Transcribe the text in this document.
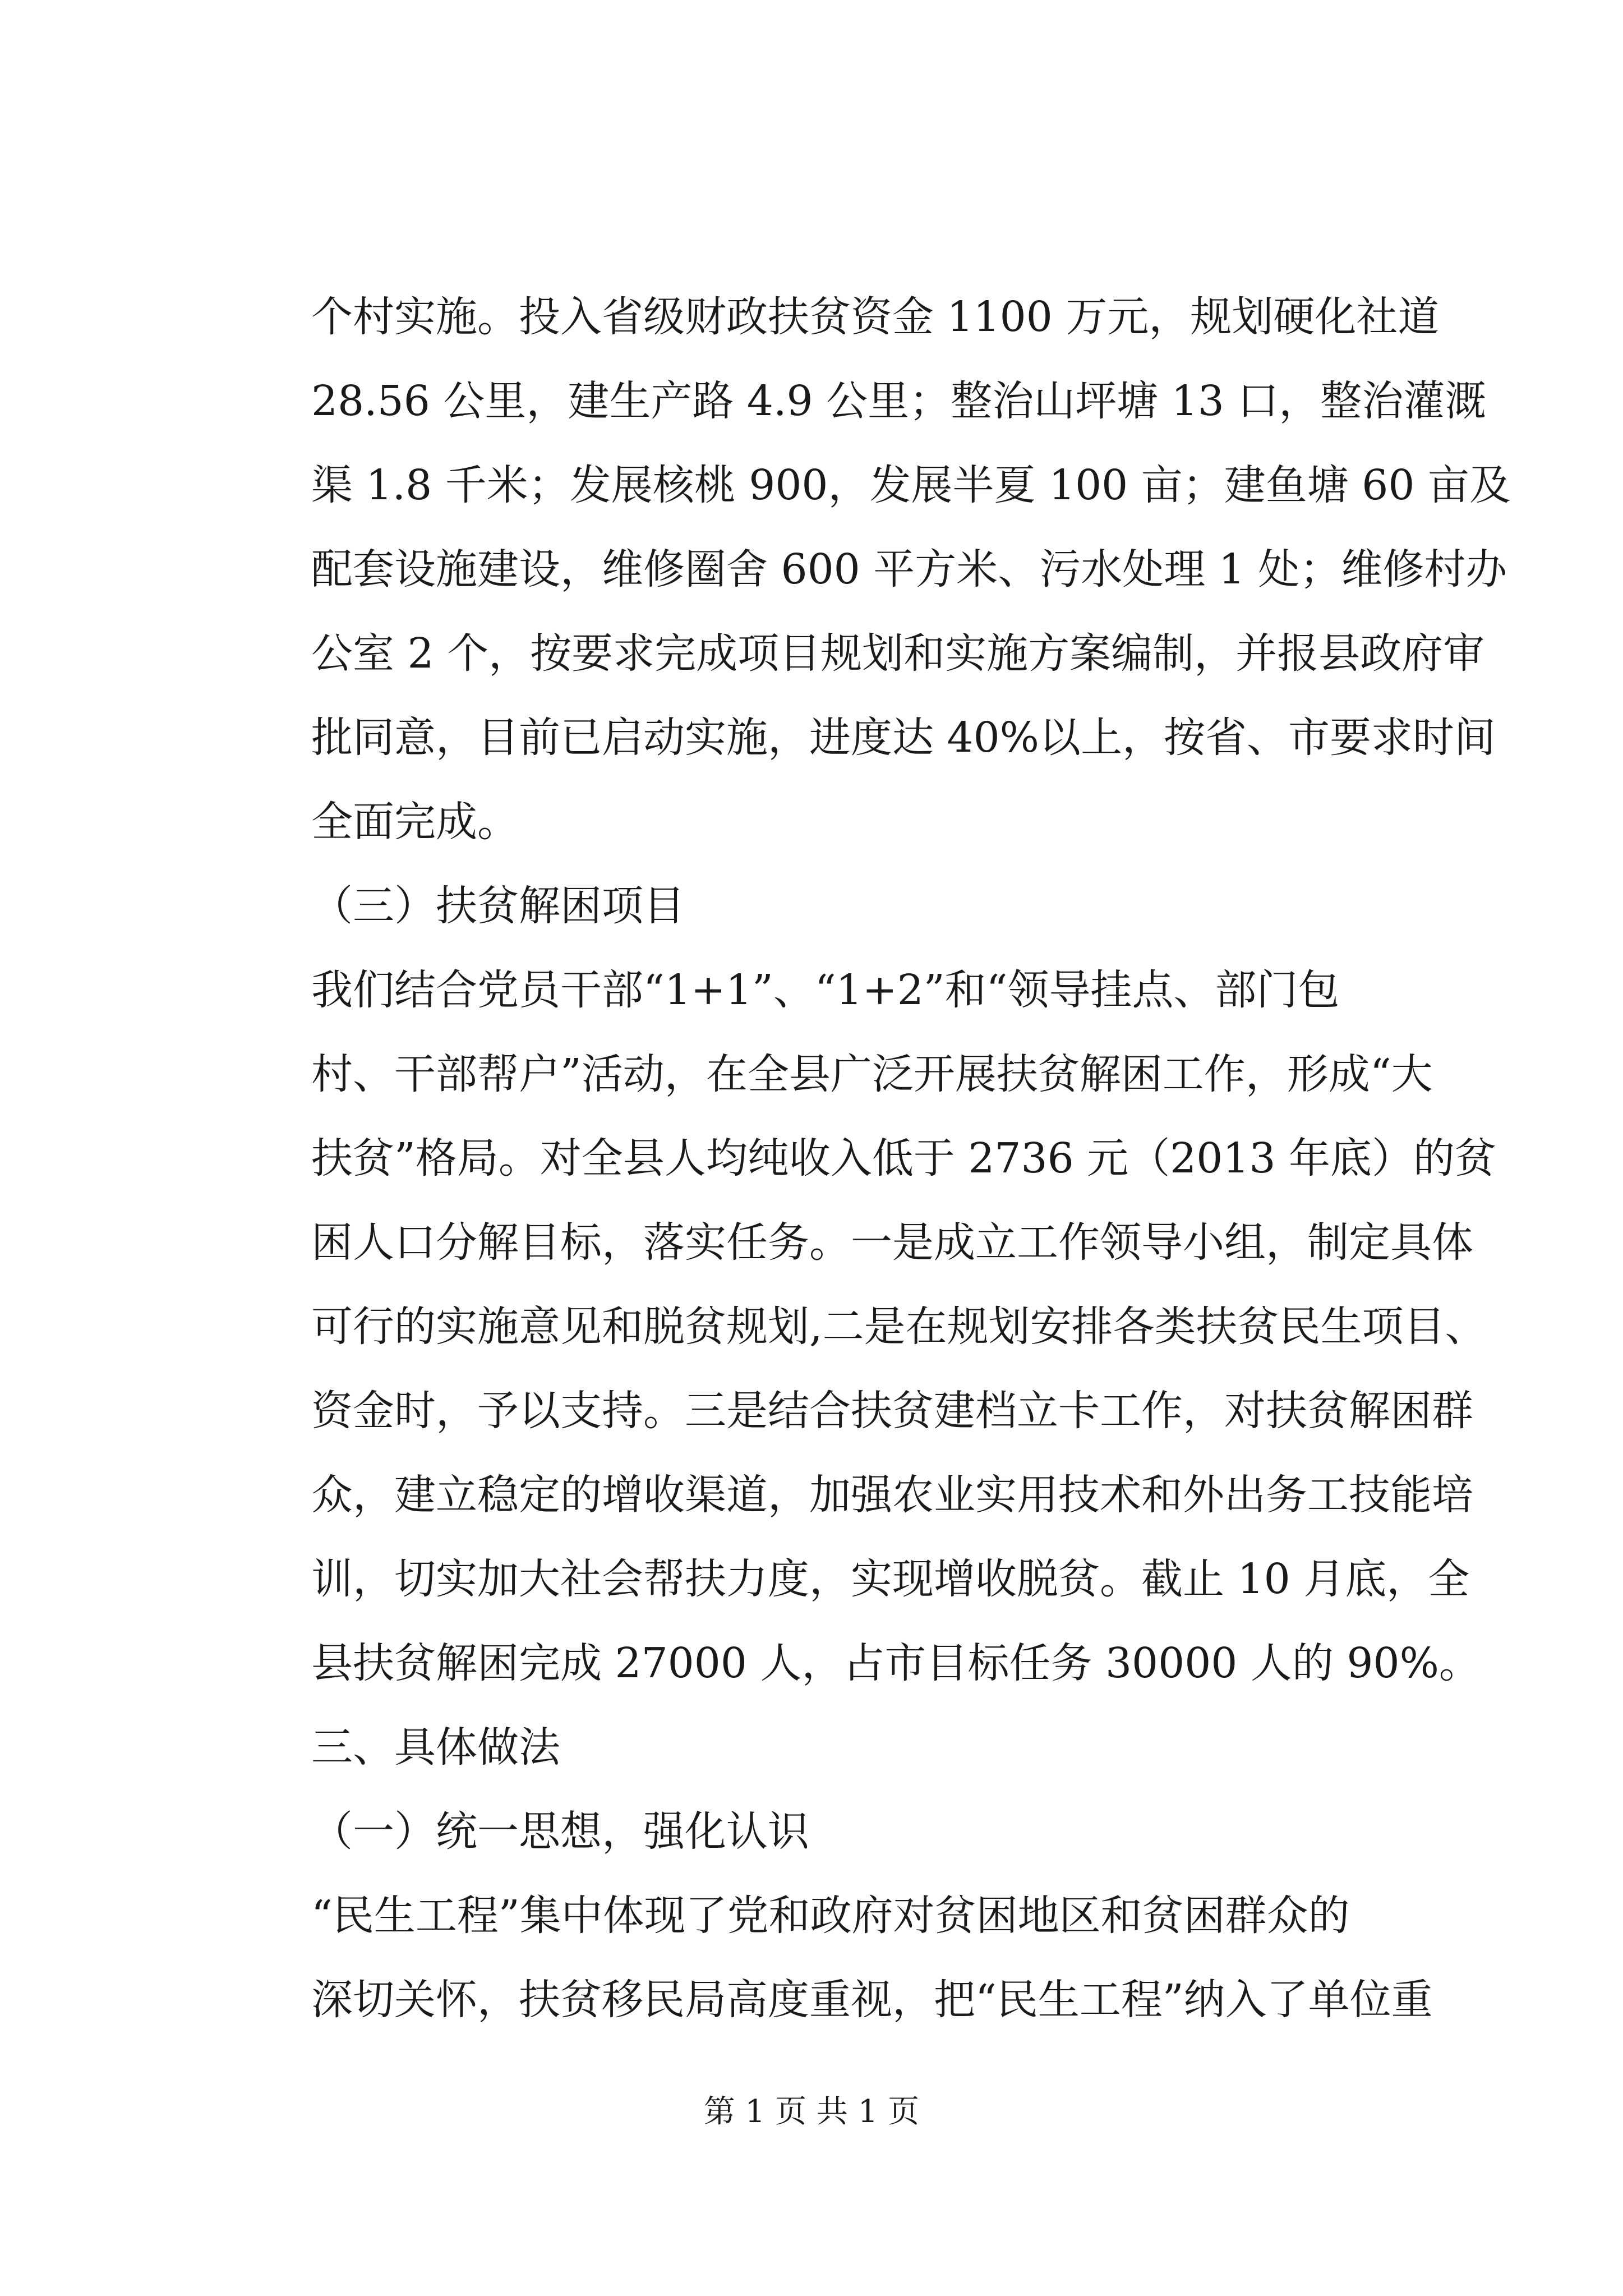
个村实施。投入省级财政扶贫资金 1100 万元，规划硬化社道
28.56 公里，建生产路 4.9 公里；整治山坪塘 13 口，整治灌溉
渠 1.8 千米；发展核桃 900，发展半夏 100 亩；建鱼塘 60 亩及
配套设施建设，维修圈舍 600 平方米、污水处理 1 处；维修村办
公室 2 个，按要求完成项目规划和实施方案编制，并报县政府审
批同意，目前已启动实施，进度达 40%以上，按省、市要求时间
全面完成。
（三）扶贫解困项目
我们结合党员干部“1+1”、“1+2”和“领导挂点、部门包
村、干部帮户”活动，在全县广泛开展扶贫解困工作，形成“大
扶贫”格局。对全县人均纯收入低于 2736 元（2013 年底）的贫
困人口分解目标，落实任务。一是成立工作领导小组，制定具体
可行的实施意见和脱贫规划,二是在规划安排各类扶贫民生项目、
资金时，予以支持。三是结合扶贫建档立卡工作，对扶贫解困群
众，建立稳定的增收渠道，加强农业实用技术和外出务工技能培
训，切实加大社会帮扶力度，实现增收脱贫。截止 10 月底，全
县扶贫解困完成 27000 人，占市目标任务 30000 人的 90%。
三、具体做法
（一）统一思想，强化认识
“民生工程”集中体现了党和政府对贫困地区和贫困群众的
深切关怀，扶贫移民局高度重视，把“民生工程”纳入了单位重
第 1 页 共 1 页
